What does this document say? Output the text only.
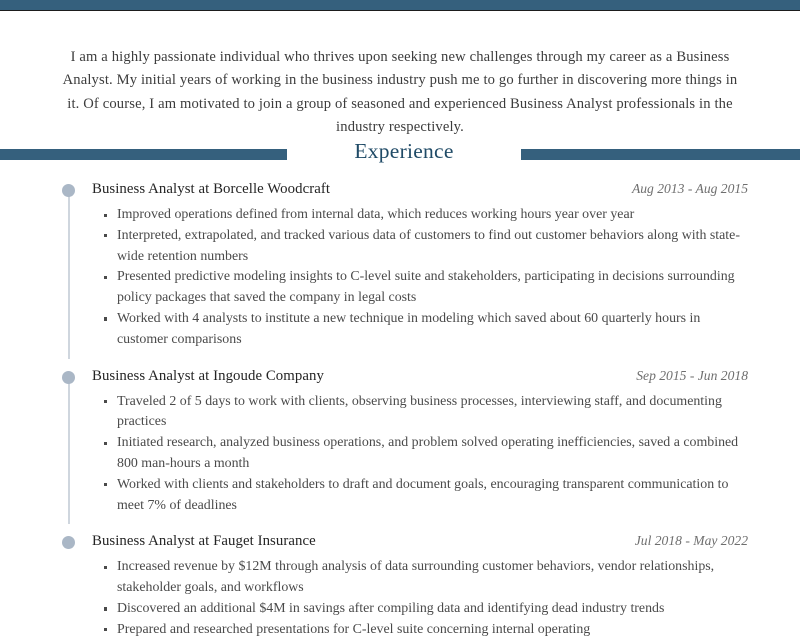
I am a highly passionate individual who thrives upon seeking new challenges through my career as a Business Analyst. My initial years of working in the business industry push me to go further in discovering more things in it. Of course, I am motivated to join a group of seasoned and experienced Business Analyst professionals in the industry respectively.

Experience
Business Analyst at Borcelle Woodcraft	Aug 2013 - Aug 2015
Improved operations defined from internal data, which reduces working hours year over year
Interpreted, extrapolated, and tracked various data of customers to find out customer behaviors along with state-wide retention numbers
Presented predictive modeling insights to C-level suite and stakeholders, participating in decisions surrounding policy packages that saved the company in legal costs
Worked with 4 analysts to institute a new technique in modeling which saved about 60 quarterly hours in customer comparisons
Business Analyst at Ingoude Company	Sep 2015 - Jun 2018
Traveled 2 of 5 days to work with clients, observing business processes, interviewing staff, and documenting practices
Initiated research, analyzed business operations, and problem solved operating inefficiencies, saved a combined 800 man-hours a month
Worked with clients and stakeholders to draft and document goals, encouraging transparent communication to meet 7% of deadlines
Business Analyst at Fauget Insurance	Jul 2018 - May 2022
Increased revenue by $12M through analysis of data surrounding customer behaviors, vendor relationships, stakeholder goals, and workflows
Discovered an additional $4M in savings after compiling data and identifying dead industry trends
Prepared and researched presentations for C-level suite concerning internal operating
